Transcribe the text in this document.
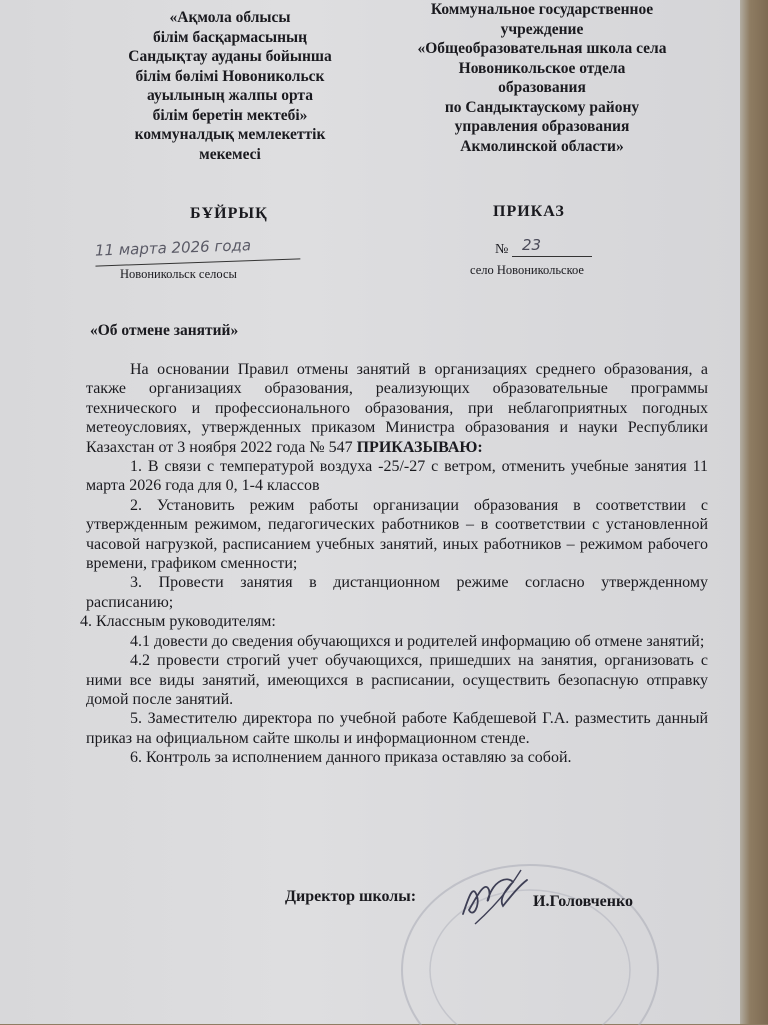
«Ақмола облысы
білім басқармасының
Сандықтау ауданы бойынша
білім бөлімі Новоникольск
ауылының жалпы орта
білім беретін мектебі»
коммуналдық мемлекеттік
мекемесі
Коммунальное государственное
учреждение
«Общеобразовательная школа села
Новоникольское отдела
образования
по Сандыктаускому району
управления образования
Акмолинской области»
БҰЙРЫҚ	ПРИКАЗ
11 марта 2026 года
Новоникольск селосы
№ 23
село Новоникольское
«Об отмене занятий»

На основании Правил отмены занятий в организациях среднего образования, а также организациях образования, реализующих образовательные программы технического и профессионального образования, при неблагоприятных погодных метеоусловиях, утвержденных приказом Министра образования и науки Республики Казахстан от 3 ноября 2022 года № 547 ПРИКАЗЫВАЮ:

1. В связи с температурой воздуха -25/-27 с ветром, отменить учебные занятия 11 марта 2026 года для 0, 1-4 классов

2. Установить режим работы организации образования в соответствии с утвержденным режимом, педагогических работников – в соответствии с установленной часовой нагрузкой, расписанием учебных занятий, иных работников – режимом рабочего времени, графиком сменности;

3. Провести занятия в дистанционном режиме согласно утвержденному расписанию;

4. Классным руководителям:

4.1 довести до сведения обучающихся и родителей информацию об отмене занятий;

4.2 провести строгий учет обучающихся, пришедших на занятия, организовать с ними все виды занятий, имеющихся в расписании, осуществить безопасную отправку домой после занятий.

5. Заместителю директора по учебной работе Кабдешевой Г.А. разместить данный приказ на официальном сайте школы и информационном стенде.

6. Контроль за исполнением данного приказа оставляю за собой.

Директор школы:	И.Головченко
